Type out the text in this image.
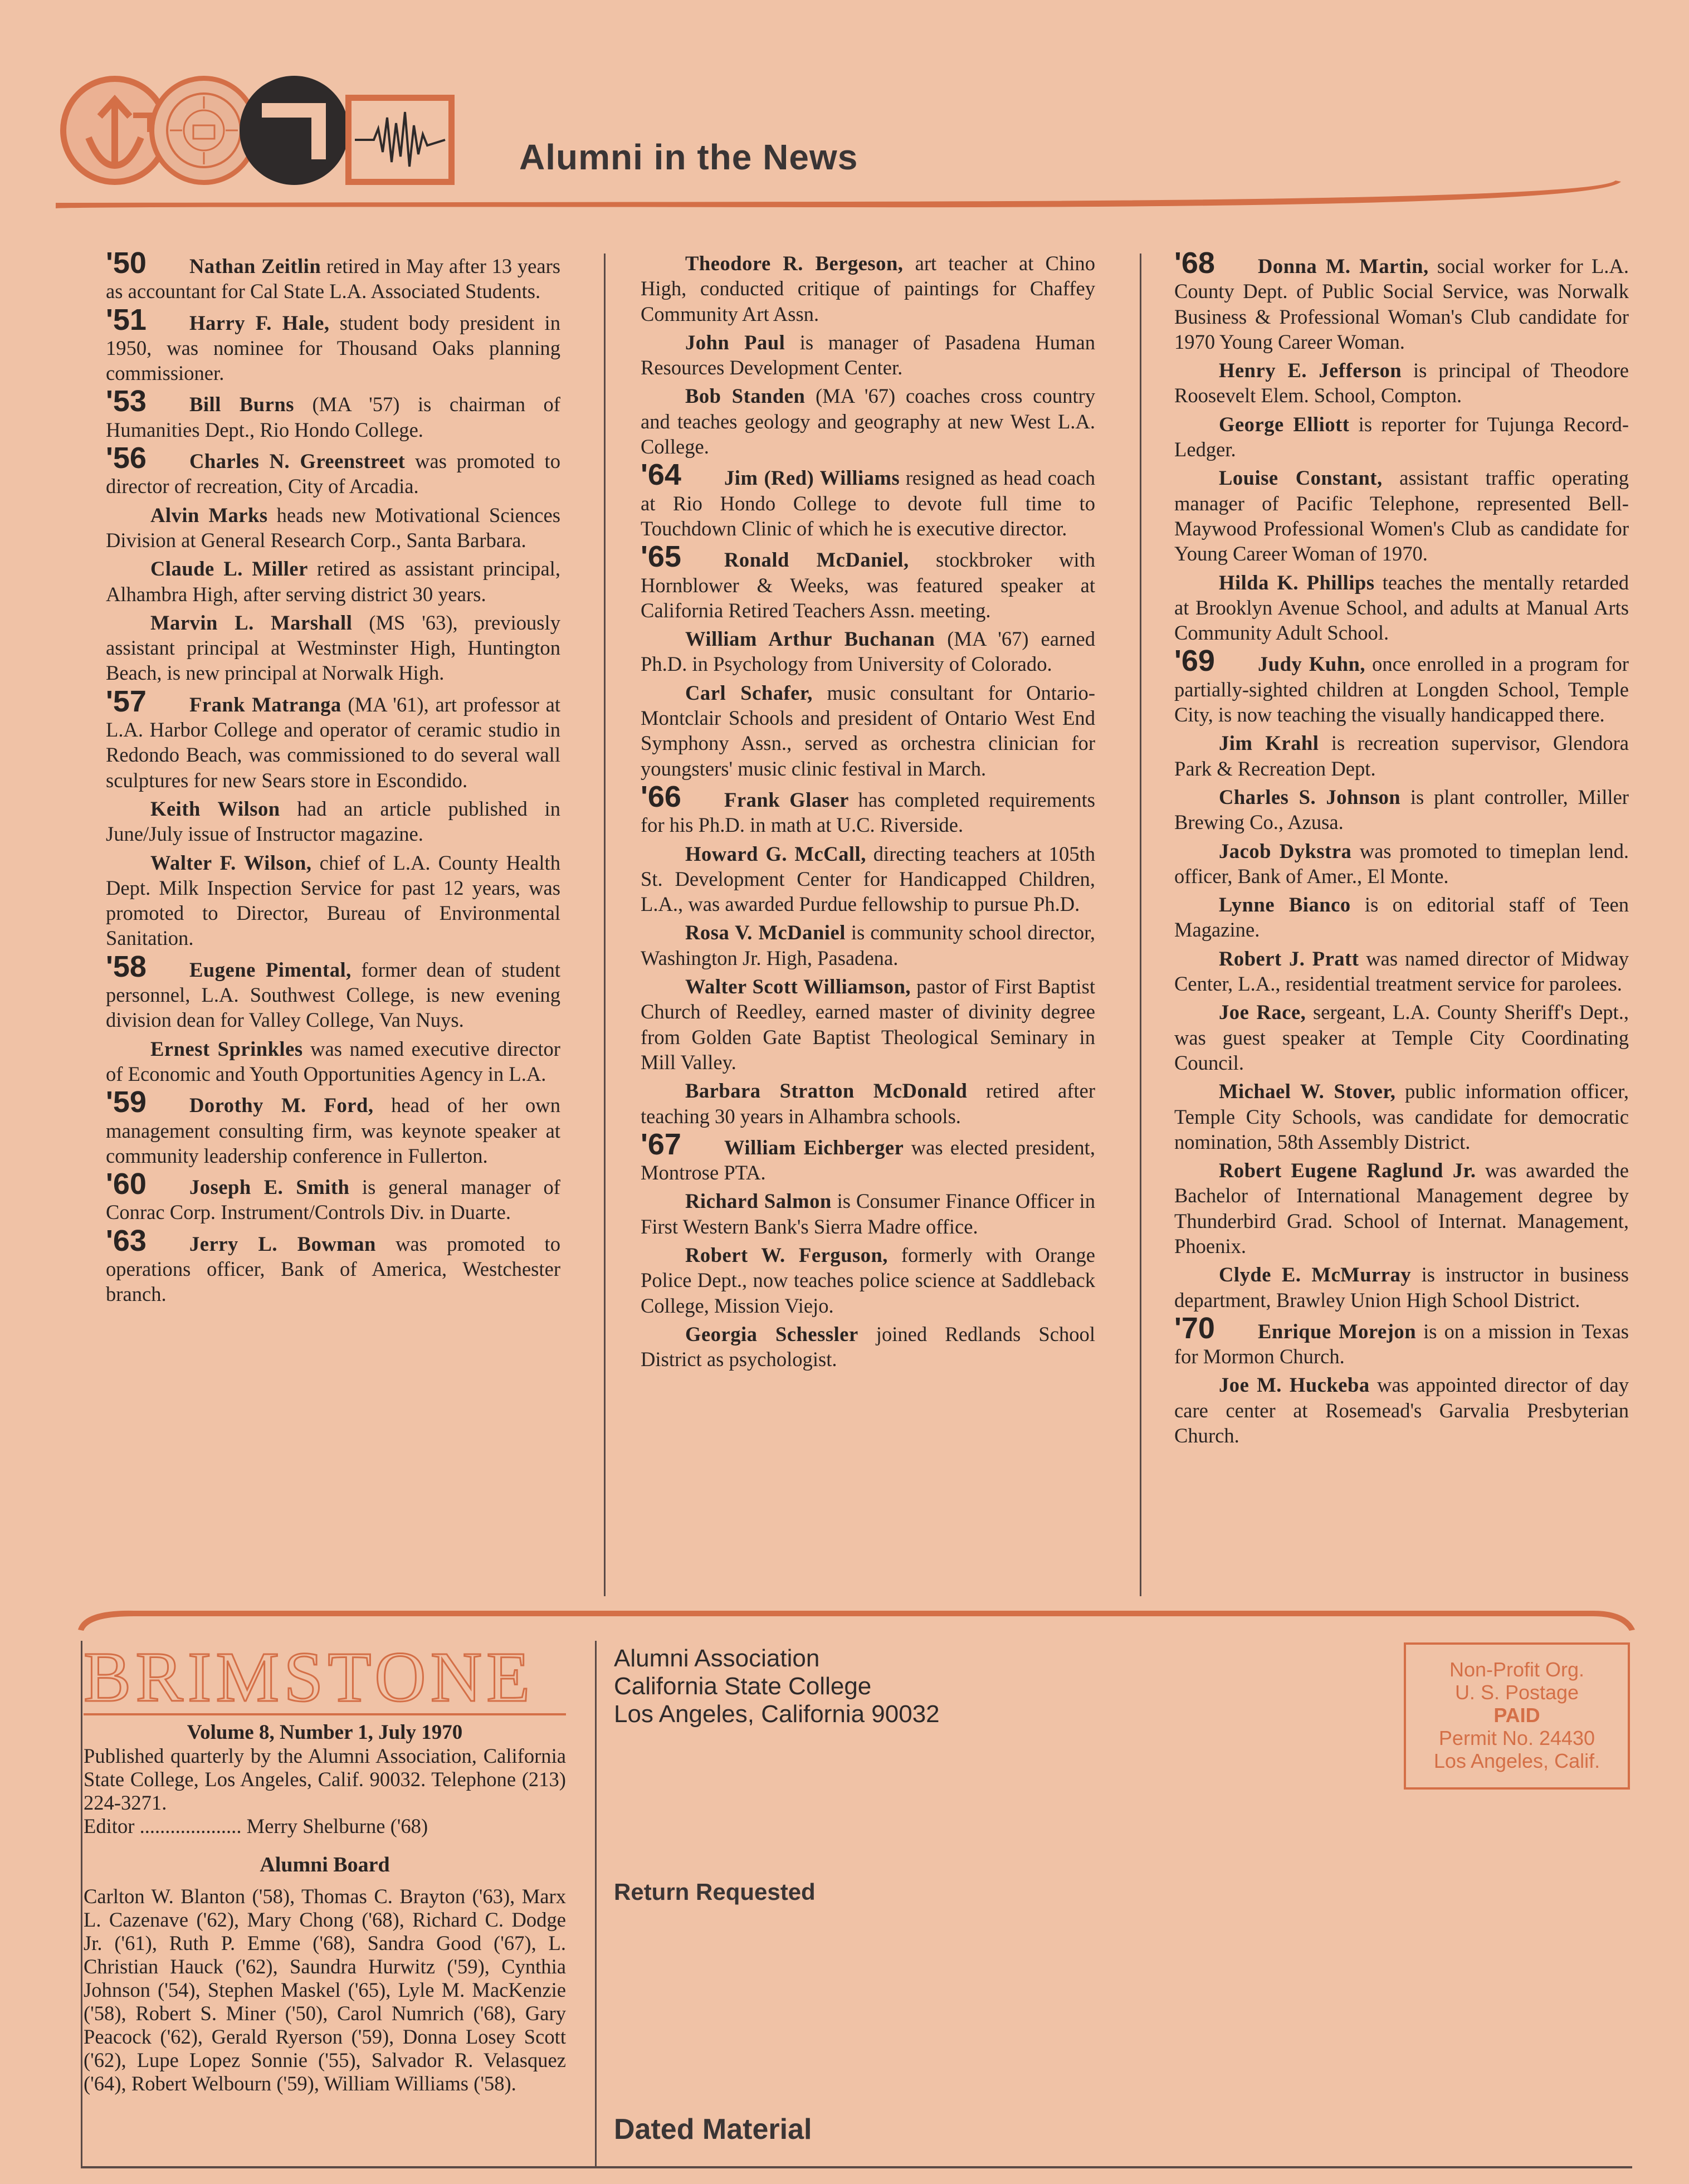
Alumni in the News

'50 Nathan Zeitlin retired in May after 13 years as accountant for Cal State L.A. Associated Students.

'51 Harry F. Hale, student body president in 1950, was nominee for Thousand Oaks planning commissioner.

'53 Bill Burns (MA '57) is chairman of Humanities Dept., Rio Hondo College.

'56 Charles N. Greenstreet was promoted to director of recreation, City of Arcadia.

Alvin Marks heads new Motivational Sciences Division at General Research Corp., Santa Barbara.

Claude L. Miller retired as assistant principal, Alhambra High, after serving district 30 years.

Marvin L. Marshall (MS '63), previously assistant principal at Westminster High, Huntington Beach, is new principal at Norwalk High.

'57 Frank Matranga (MA '61), art professor at L.A. Harbor College and operator of ceramic studio in Redondo Beach, was commissioned to do several wall sculptures for new Sears store in Escondido.

Keith Wilson had an article published in June/July issue of Instructor magazine.

Walter F. Wilson, chief of L.A. County Health Dept. Milk Inspection Service for past 12 years, was promoted to Director, Bureau of Environmental Sanitation.

'58 Eugene Pimental, former dean of student personnel, L.A. Southwest College, is new evening division dean for Valley College, Van Nuys.

Ernest Sprinkles was named executive director of Economic and Youth Opportunities Agency in L.A.

'59 Dorothy M. Ford, head of her own management consulting firm, was keynote speaker at community leadership conference in Fullerton.

'60 Joseph E. Smith is general manager of Conrac Corp. Instrument/Controls Div. in Duarte.

'63 Jerry L. Bowman was promoted to operations officer, Bank of America, Westchester branch.

Theodore R. Bergeson, art teacher at Chino High, conducted critique of paintings for Chaffey Community Art Assn.

John Paul is manager of Pasadena Human Resources Development Center.

Bob Standen (MA '67) coaches cross country and teaches geology and geography at new West L.A. College.

'64 Jim (Red) Williams resigned as head coach at Rio Hondo College to devote full time to Touchdown Clinic of which he is executive director.

'65 Ronald McDaniel, stockbroker with Hornblower & Weeks, was featured speaker at California Retired Teachers Assn. meeting.

William Arthur Buchanan (MA '67) earned Ph.D. in Psychology from University of Colorado.

Carl Schafer, music consultant for Ontario-Montclair Schools and president of Ontario West End Symphony Assn., served as orchestra clinician for youngsters' music clinic festival in March.

'66 Frank Glaser has completed requirements for his Ph.D. in math at U.C. Riverside.

Howard G. McCall, directing teachers at 105th St. Development Center for Handicapped Children, L.A., was awarded Purdue fellowship to pursue Ph.D.

Rosa V. McDaniel is community school director, Washington Jr. High, Pasadena.

Walter Scott Williamson, pastor of First Baptist Church of Reedley, earned master of divinity degree from Golden Gate Baptist Theological Seminary in Mill Valley.

Barbara Stratton McDonald retired after teaching 30 years in Alhambra schools.

'67 William Eichberger was elected president, Montrose PTA.

Richard Salmon is Consumer Finance Officer in First Western Bank's Sierra Madre office.

Robert W. Ferguson, formerly with Orange Police Dept., now teaches police science at Saddleback College, Mission Viejo.

Georgia Schessler joined Redlands School District as psychologist.

'68 Donna M. Martin, social worker for L.A. County Dept. of Public Social Service, was Norwalk Business & Professional Woman's Club candidate for 1970 Young Career Woman.

Henry E. Jefferson is principal of Theodore Roosevelt Elem. School, Compton.

George Elliott is reporter for Tujunga Record-Ledger.

Louise Constant, assistant traffic operating manager of Pacific Telephone, represented Bell-Maywood Professional Women's Club as candidate for Young Career Woman of 1970.

Hilda K. Phillips teaches the mentally retarded at Brooklyn Avenue School, and adults at Manual Arts Community Adult School.

'69 Judy Kuhn, once enrolled in a program for partially-sighted children at Longden School, Temple City, is now teaching the visually handicapped there.

Jim Krahl is recreation supervisor, Glendora Park & Recreation Dept.

Charles S. Johnson is plant controller, Miller Brewing Co., Azusa.

Jacob Dykstra was promoted to timeplan lend. officer, Bank of Amer., El Monte.

Lynne Bianco is on editorial staff of Teen Magazine.

Robert J. Pratt was named director of Midway Center, L.A., residential treatment service for parolees.

Joe Race, sergeant, L.A. County Sheriff's Dept., was guest speaker at Temple City Coordinating Council.

Michael W. Stover, public information officer, Temple City Schools, was candidate for democratic nomination, 58th Assembly District.

Robert Eugene Raglund Jr. was awarded the Bachelor of International Management degree by Thunderbird Grad. School of Internat. Management, Phoenix.

Clyde E. McMurray is instructor in business department, Brawley Union High School District.

'70 Enrique Morejon is on a mission in Texas for Mormon Church.

Joe M. Huckeba was appointed director of day care center at Rosemead's Garvalia Presbyterian Church.

BRIMSTONE
Volume 8, Number 1, July 1970
Published quarterly by the Alumni Association, California State College, Los Angeles, Calif. 90032. Telephone (213) 224-3271.
Editor .................... Merry Shelburne ('68)
Alumni Board
Carlton W. Blanton ('58), Thomas C. Brayton ('63), Marx L. Cazenave ('62), Mary Chong ('68), Richard C. Dodge Jr. ('61), Ruth P. Emme ('68), Sandra Good ('67), L. Christian Hauck ('62), Saundra Hurwitz ('59), Cynthia Johnson ('54), Stephen Maskel ('65), Lyle M. MacKenzie ('58), Robert S. Miner ('50), Carol Numrich ('68), Gary Peacock ('62), Gerald Ryerson ('59), Donna Losey Scott ('62), Lupe Lopez Sonnie ('55), Salvador R. Velasquez ('64), Robert Welbourn ('59), William Williams ('58).
Alumni Association
California State College
Los Angeles, California 90032
Return Requested
Dated Material
Non-Profit Org.
U. S. Postage
PAID
Permit No. 24430
Los Angeles, Calif.
